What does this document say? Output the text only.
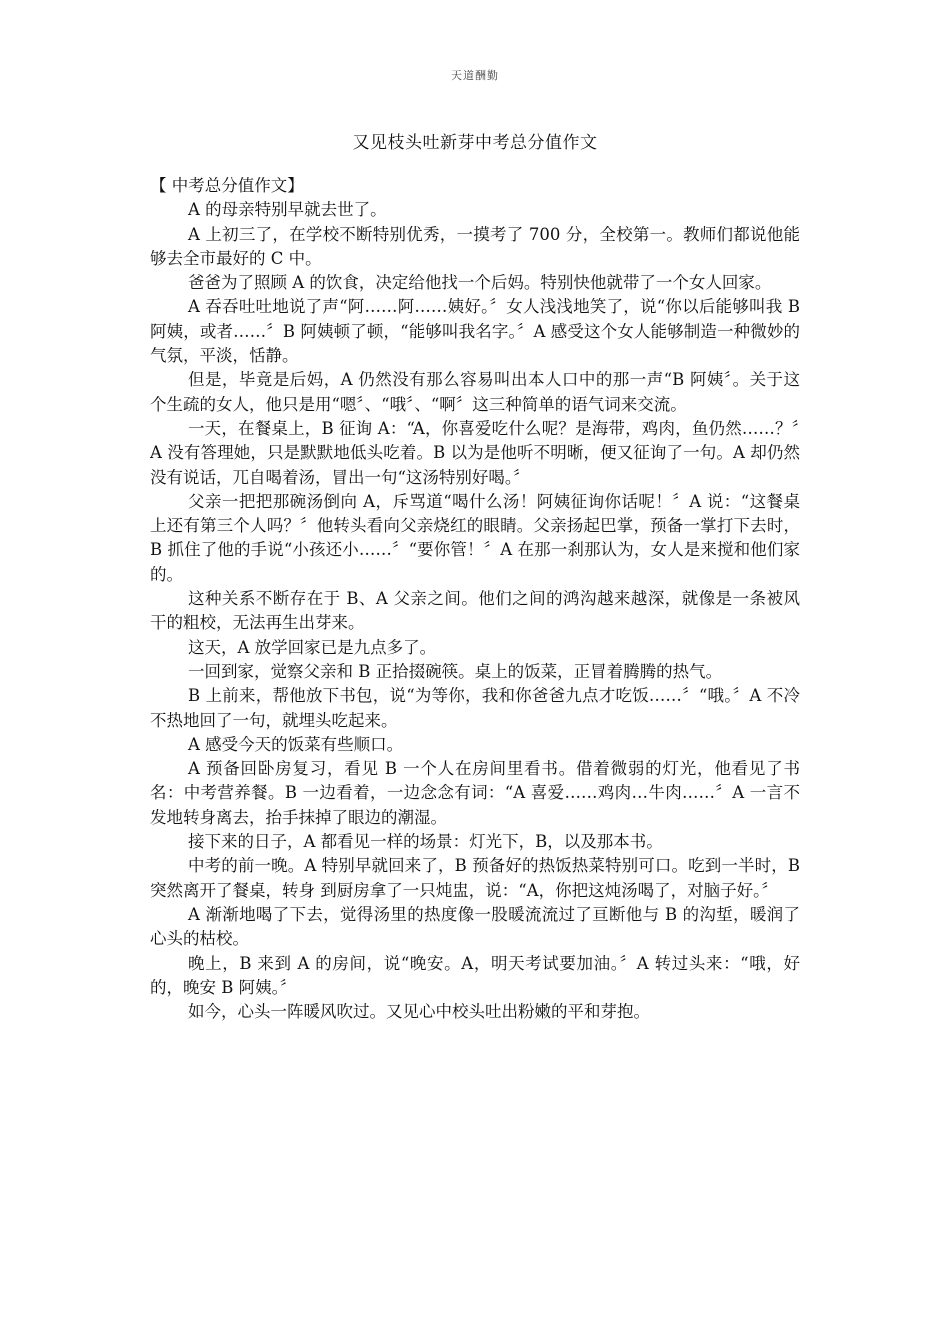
天道酬勤
又见枝头吐新芽中考总分值作文

【 中考总分值作文】

A 的母亲特别早就去世了。

A 上初三了，在学校不断特别优秀，一摸考了 700 分，全校第一。教师们都说他能够去全市最好的 C 中。

爸爸为了照顾 A 的饮食，决定给他找一个后妈。特别快他就带了一个女人回家。

A 吞吞吐吐地说了声“阿……阿……姨好。〞女人浅浅地笑了，说“你以后能够叫我 B 阿姨，或者……〞B 阿姨顿了顿，“能够叫我名字。〞A 感受这个女人能够制造一种微妙的气氛，平淡，恬静。

但是，毕竟是后妈，A 仍然没有那么容易叫出本人口中的那一声“B 阿姨〞。关于这个生疏的女人，他只是用“嗯〞、“哦〞、“啊〞这三种简单的语气词来交流。

一天，在餐桌上，B 征询 A：“A，你喜爱吃什么呢？是海带，鸡肉，鱼仍然……？〞A 没有答理她，只是默默地低头吃着。B 以为是他听不明晰，便又征询了一句。A 却仍然没有说话，兀自喝着汤，冒出一句“这汤特别好喝。〞

父亲一把把那碗汤倒向 A，斥骂道“喝什么汤！阿姨征询你话呢！〞A 说：“这餐桌上还有第三个人吗？〞他转头看向父亲烧红的眼睛。父亲扬起巴掌，预备一掌打下去时，B 抓住了他的手说“小孩还小……〞“要你管！〞A 在那一刹那认为，女人是来搅和他们家的。

这种关系不断存在于 B、A 父亲之间。他们之间的鸿沟越来越深，就像是一条被风干的粗校，无法再生出芽来。

这天，A 放学回家已是九点多了。

一回到家，觉察父亲和 B 正拾掇碗筷。桌上的饭菜，正冒着腾腾的热气。

B 上前来，帮他放下书包，说“为等你，我和你爸爸九点才吃饭……〞“哦。〞A 不冷不热地回了一句，就埋头吃起来。

A 感受今天的饭菜有些顺口。

A 预备回卧房复习，看见 B 一个人在房间里看书。借着微弱的灯光，他看见了书名：中考营养餐。B 一边看着，一边念念有词：“A 喜爱……鸡肉…牛肉……〞A 一言不发地转身离去，抬手抹掉了眼边的潮湿。

接下来的日子，A 都看见一样的场景：灯光下，B，以及那本书。

中考的前一晚。A 特别早就回来了，B 预备好的热饭热菜特别可口。吃到一半时，B 突然离开了餐桌，转身 到厨房拿了一只炖盅，说：“A，你把这炖汤喝了，对脑子好。〞

A 渐渐地喝了下去，觉得汤里的热度像一股暖流流过了亘断他与 B 的沟埑，暖润了心头的枯校。

晚上，B 来到 A 的房间，说“晚安。A，明天考试要加油。〞A 转过头来：“哦，好的，晚安 B 阿姨。〞

如今，心头一阵暖风吹过。又见心中校头吐出粉嫩的平和芽抱。
